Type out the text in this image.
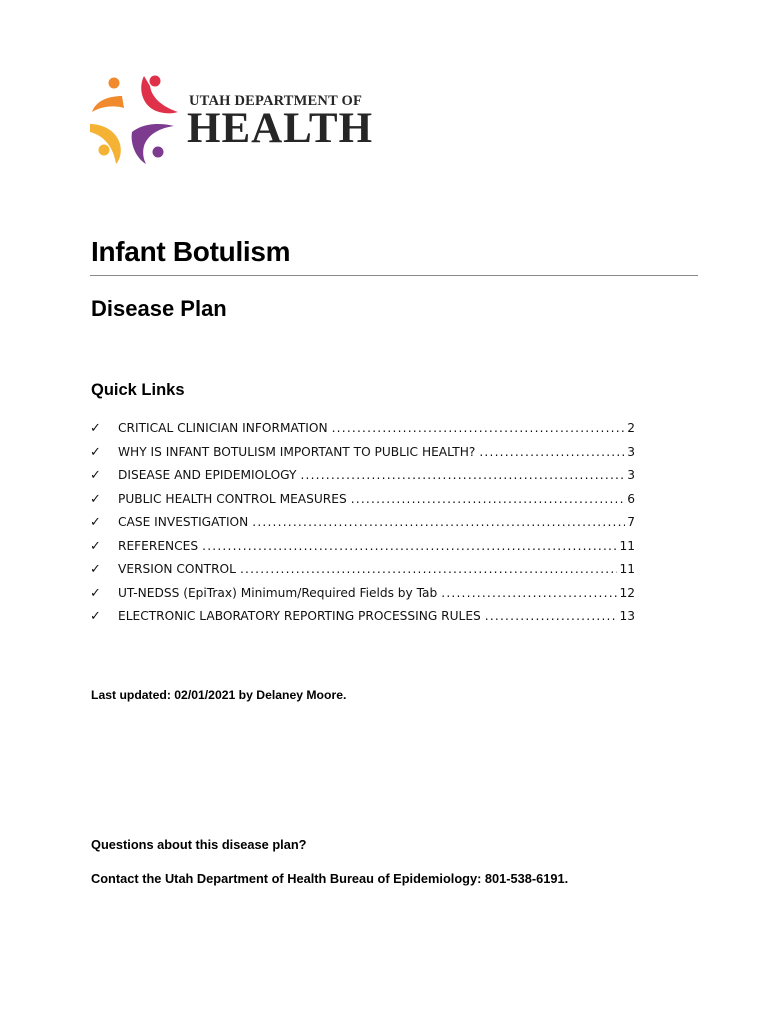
UTAH DEPARTMENT OF
HEALTH
Infant Botulism
Disease Plan
Quick Links
✓	CRITICAL CLINICIAN INFORMATION .....	2
✓	WHY IS INFANT BOTULISM IMPORTANT TO PUBLIC HEALTH? .....	3
✓	DISEASE AND EPIDEMIOLOGY .....	3
✓	PUBLIC HEALTH CONTROL MEASURES .....	6
✓	CASE INVESTIGATION .....	7
✓	REFERENCES .....	11
✓	VERSION CONTROL .....	11
✓	UT-NEDSS (EpiTrax) Minimum/Required Fields by Tab .....	12
✓	ELECTRONIC LABORATORY REPORTING PROCESSING RULES .....	13
Last updated: 02/01/2021 by Delaney Moore.
Questions about this disease plan?
Contact the Utah Department of Health Bureau of Epidemiology: 801-538-6191.
